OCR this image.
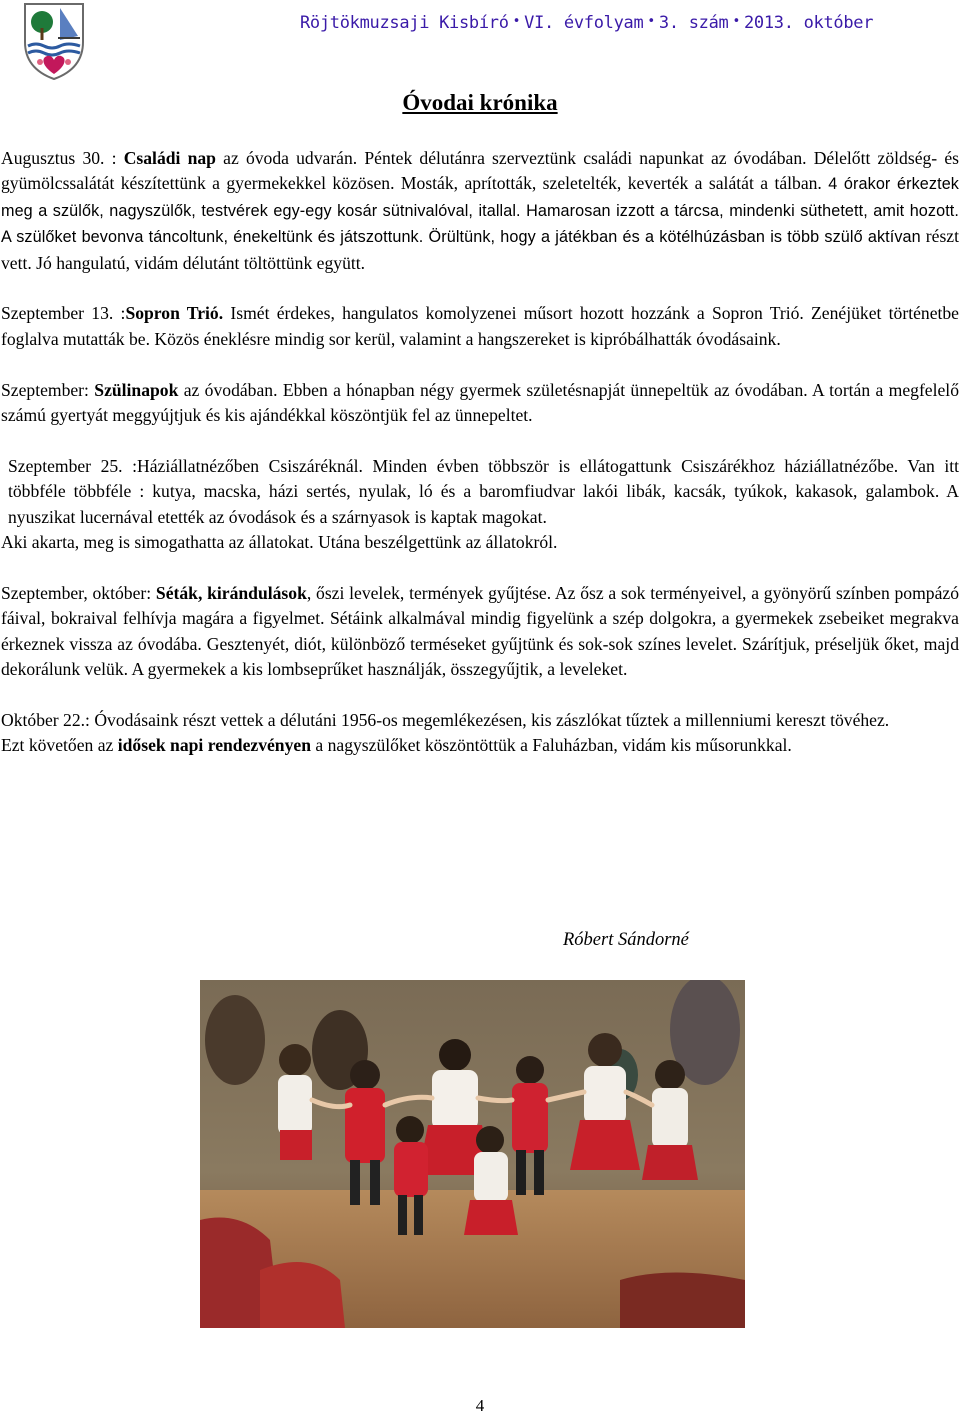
Röjtökmuzsaji Kisbíró • VI. évfolyam • 3. szám • 2013. október
Óvodai krónika

Augusztus 30. : Családi nap az óvoda udvarán. Péntek délutánra szerveztünk családi napunkat az óvodában. Délelőtt zöldség- és gyümölcssalátát készítettünk a gyermekekkel közösen. Mosták, aprították, szeletelték, keverték a salátát a tálban. 4 órakor érkeztek meg a szülők, nagyszülők, testvérek egy-egy kosár sütnivalóval, itallal. Hamarosan izzott a tárcsa, mindenki süthetett, amit hozott. A szülőket bevonva táncoltunk, énekeltünk és játszottunk. Örültünk, hogy a játékban és a kötélhúzásban is több szülő aktívan részt vett. Jó hangulatú, vidám délutánt töltöttünk együtt.

Szeptember 13. :Sopron Trió. Ismét érdekes, hangulatos komolyzenei műsort hozott hozzánk a Sopron Trió. Zenéjüket történetbe foglalva mutatták be. Közös éneklésre mindig sor kerül, valamint a hangszereket is kipróbálhatták óvodásaink.

Szeptember: Szülinapok az óvodában. Ebben a hónapban négy gyermek születésnapját ünnepeltük az óvodában. A tortán a megfelelő számú gyertyát meggyújtjuk és kis ajándékkal köszöntjük fel az ünnepeltet.

Szeptember 25. :Háziállatnézőben Csiszáréknál. Minden évben többször is ellátogattunk Csiszárékhoz háziállatnézőbe. Van itt többféle többféle : kutya, macska, házi sertés, nyulak, ló és a baromfiudvar lakói libák, kacsák, tyúkok, kakasok, galambok. A nyuszikat lucernával etették az óvodások és a szárnyasok is kaptak magokat.

Aki akarta, meg is simogathatta az állatokat. Utána beszélgettünk az állatokról.

Szeptember, október: Séták, kirándulások, őszi levelek, termények gyűjtése. Az ősz a sok terményeivel, a gyönyörű színben pompázó fáival, bokraival felhívja magára a figyelmet. Sétáink alkalmával mindig figyelünk a szép dolgokra, a gyermekek zsebeiket megrakva érkeznek vissza az óvodába. Gesztenyét, diót, különböző terméseket gyűjtünk és sok-sok színes levelet. Szárítjuk, préseljük őket, majd dekorálunk velük. A gyermekek a kis lombseprűket használják, összegyűjtik, a leveleket.

Október 22.: Óvodásaink részt vettek a délutáni 1956-os megemlékezésen, kis zászlókat tűztek a millenniumi kereszt tövéhez.

Ezt követően az idősek napi rendezvényen a nagyszülőket köszöntöttük a Faluházban, vidám kis műsorunkkal.

Róbert Sándorné
4
